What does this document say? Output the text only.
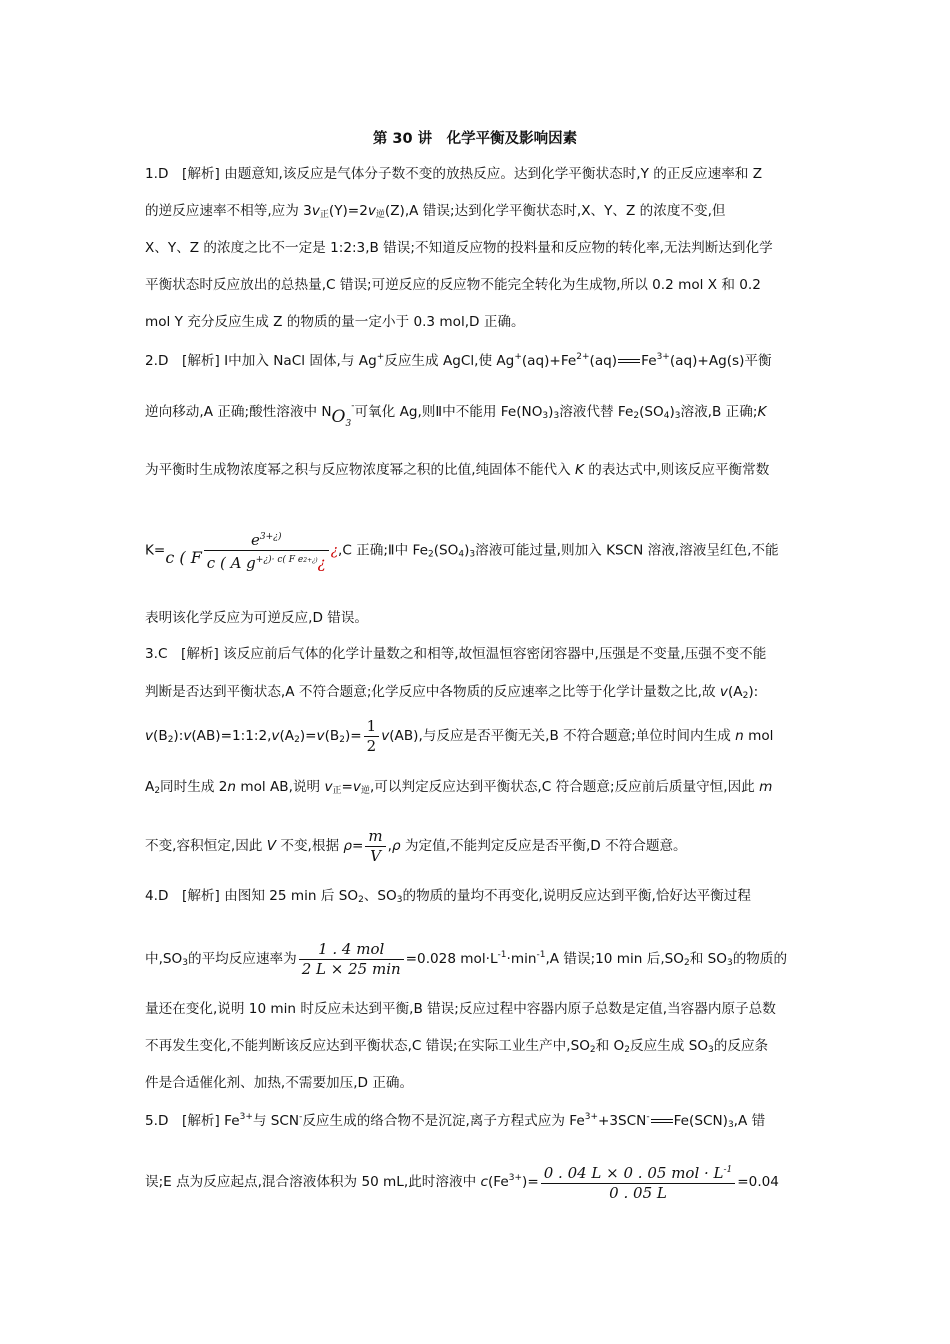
第 30 讲　化学平衡及影响因素
1.D　[解析] 由题意知,该反应是气体分子数不变的放热反应。达到化学平衡状态时,Y 的正反应速率和 Z
的逆反应速率不相等,应为 $3v_正(Y)=2v_逆(Z),A$ 错误;达到化学平衡状态时,X、Y、Z 的浓度不变,但
X、Y、Z 的浓度之比不一定是 1:2:3,B 错误;不知道反应物的投料量和反应物的转化率,无法判断达到化学
平衡状态时反应放出的总热量,C 错误;可逆反应的反应物不能完全转化为生成物,所以 0.2 mol X 和 0.2
mol Y 充分反应生成 Z 的物质的量一定小于 0.3 mol,D 正确。
2.D　[解析] Ⅰ中加入 NaCl 固体,与 Ag+反应生成 AgCl,使 $Ag^+(aq)+Fe^{2+}(aq)$ $Fe^{3+}(aq)+Ag(s)$平衡
逆向移动,A 正确;酸性溶液中 $NO_3^-$可氧化 Ag,则Ⅱ中不能用 $Fe(NO_3)_3$溶液代替 $Fe_2(SO_4)_3$溶液,B 正确;K
为平衡时生成物浓度幂之积与反应物浓度幂之积的比值,纯固体不能代入 K 的表达式中,则该反应平衡常数
K=c ( F $\frac{e^{3+¿)}}{c ( A g^{+¿)\cdot c( F e2+¿)}¿}$ ¿,C 正确;Ⅱ中 $Fe_2(SO_4)_3$溶液可能过量,则加入 KSCN 溶液,溶液呈红色,不能
表明该化学反应为可逆反应,D 错误。
3.C　[解析] 该反应前后气体的化学计量数之和相等,故恒温恒容密闭容器中,压强是不变量,压强不变不能
判断是否达到平衡状态,A 不符合题意;化学反应中各物质的反应速率之比等于化学计量数之比,故 $v(A_2)$:
$v(B_2):v(AB)=1:1:2,v(A_2)=v(B_2)= \frac{1}{2} v(AB)$,与反应是否平衡无关,B 不符合题意;单位时间内生成 n mol
$A_2$同时生成 2n mol AB,说明 $v_正=v_逆$,可以判定反应达到平衡状态,C 符合题意;反应前后质量守恒,因此 m
不变,容积恒定,因此 V 不变,根据 $\rho= \frac{m}{V} ,\rho$ 为定值,不能判定反应是否平衡,D 不符合题意。
4.D　[解析] 由图知 25 min 后 $SO_2$、$SO_3$的物质的量均不再变化,说明反应达到平衡,恰好达平衡过程
中$,SO_3$的平均反应速率为 $\frac{\text{1 . 4 mol}}{2 L \times 25 \min} =0.028$ $mol\cdot L^{-1}\cdot\min^{-1},A$ 错误;10 min 后$,SO_2$和 $SO_3$的物质的
量还在变化,说明 10 min 时反应未达到平衡,B 错误;反应过程中容器内原子总数是定值,当容器内原子总数
不再发生变化,不能判断该反应达到平衡状态,C 错误;在实际工业生产中$,SO_2$和 $O_2$反应生成 $SO_3$的反应条
件是合适催化剂、加热,不需要加压,D 正确。
5.D　[解析] $Fe^{3+}$与 SCN-反应生成的络合物不是沉淀,离子方程式应为 $Fe^{3+}+3SCN^-$ $Fe(SCN)_3,A$ 错
误;E 点为反应起点,混合溶液体积为 50 mL,此时溶液中 $c(Fe^{3+})= \frac{0 . 04 L \times 0 . 05 mol \cdot L^{-1}}{0 . 05 L} =0.04$
